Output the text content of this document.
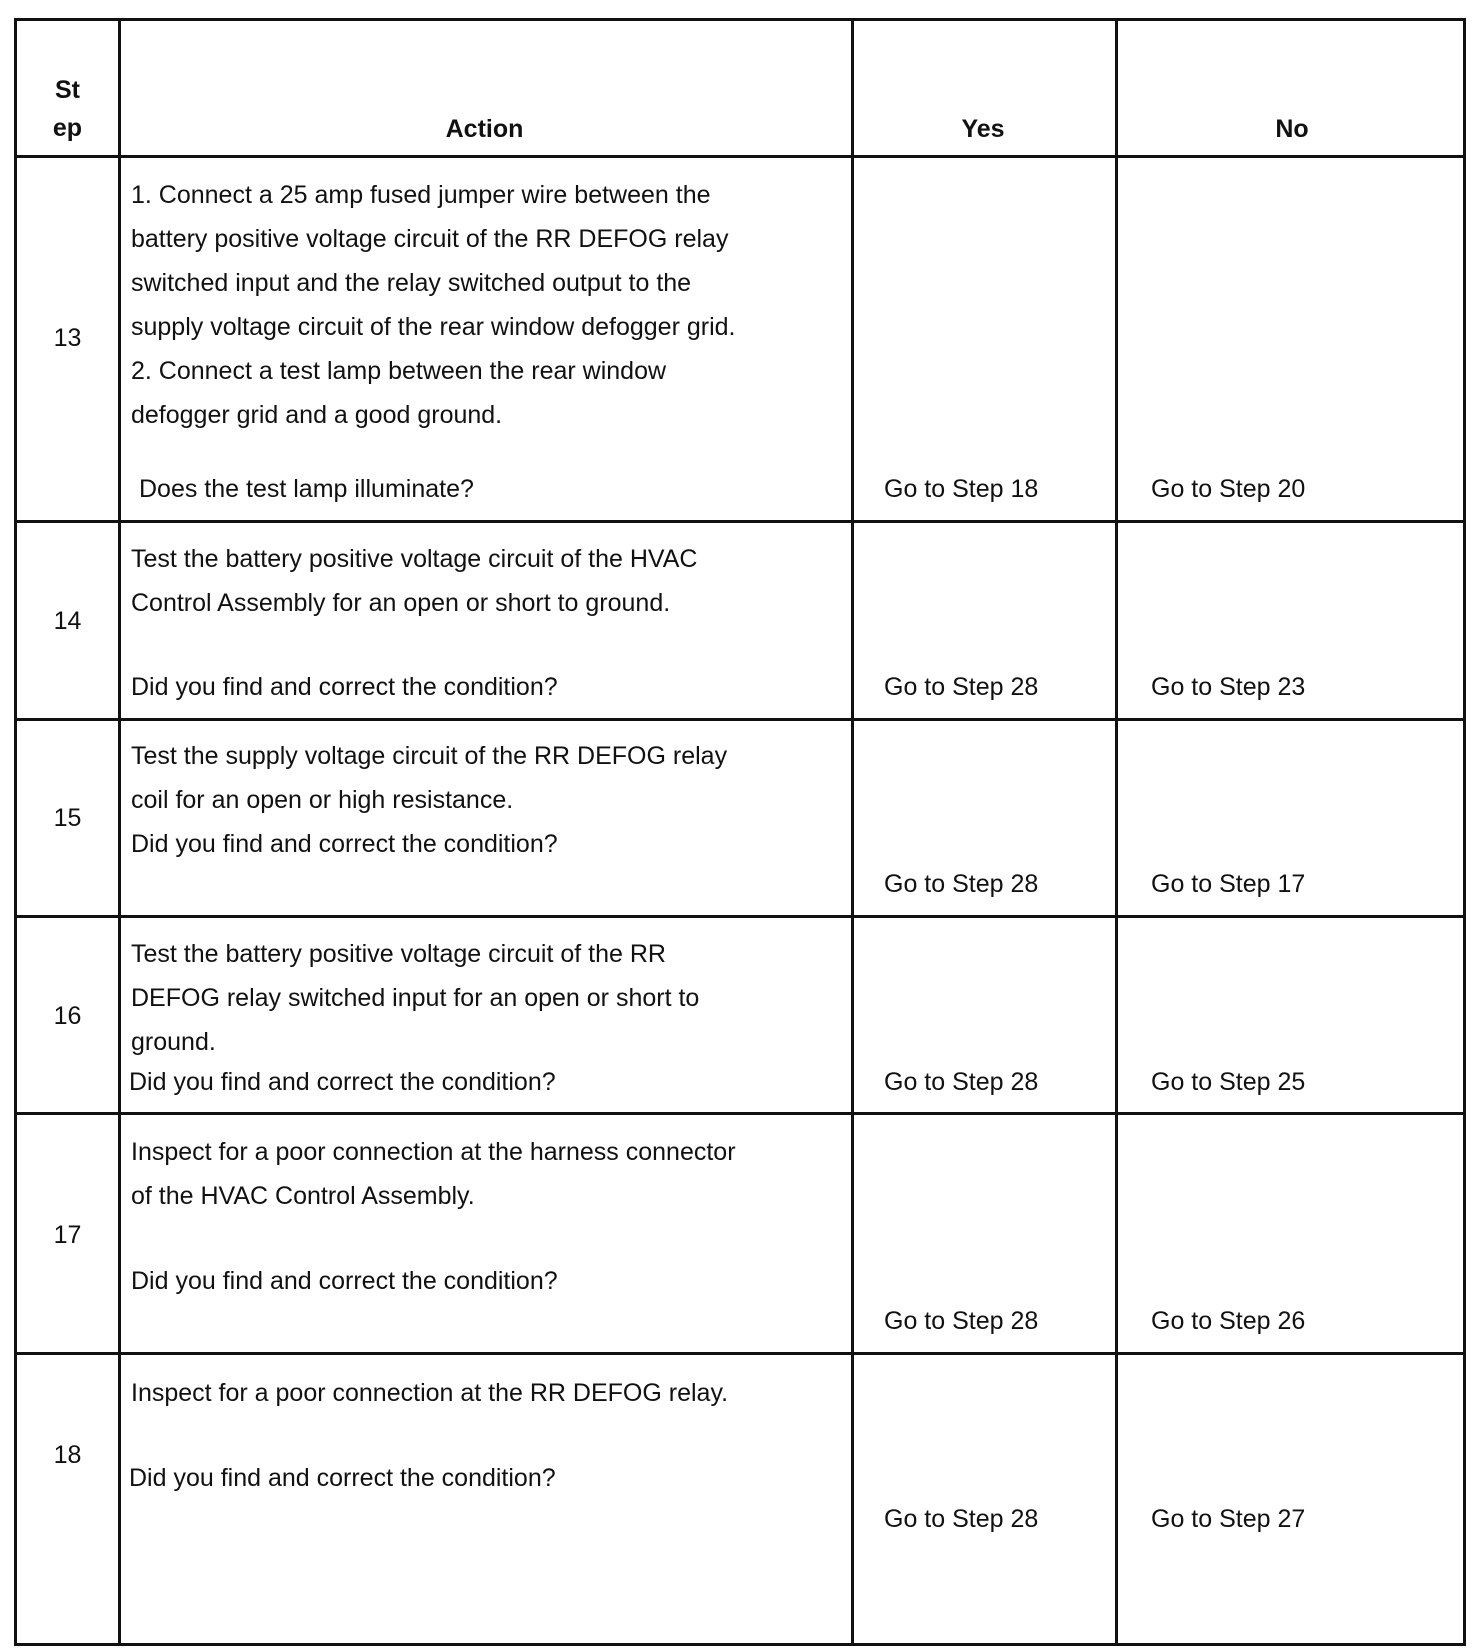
St
ep	Action	Yes	No
13
1. Connect a 25 amp fused jumper wire between the
battery positive voltage circuit of the RR DEFOG relay
switched input and the relay switched output to the
supply voltage circuit of the rear window defogger grid.
2. Connect a test lamp between the rear window
defogger grid and a good ground.
Does the test lamp illuminate?	Go to Step 18	Go to Step 20
14
Test the battery positive voltage circuit of the HVAC
Control Assembly for an open or short to ground.
Did you find and correct the condition?	Go to Step 28	Go to Step 23
15
Test the supply voltage circuit of the RR DEFOG relay
coil for an open or high resistance.
Did you find and correct the condition?
Go to Step 28	Go to Step 17
16
Test the battery positive voltage circuit of the RR
DEFOG relay switched input for an open or short to
ground.
Did you find and correct the condition?	Go to Step 28	Go to Step 25
17
Inspect for a poor connection at the harness connector
of the HVAC Control Assembly.
Did you find and correct the condition?
Go to Step 28	Go to Step 26
18
Inspect for a poor connection at the RR DEFOG relay.
Did you find and correct the condition?
Go to Step 28	Go to Step 27
